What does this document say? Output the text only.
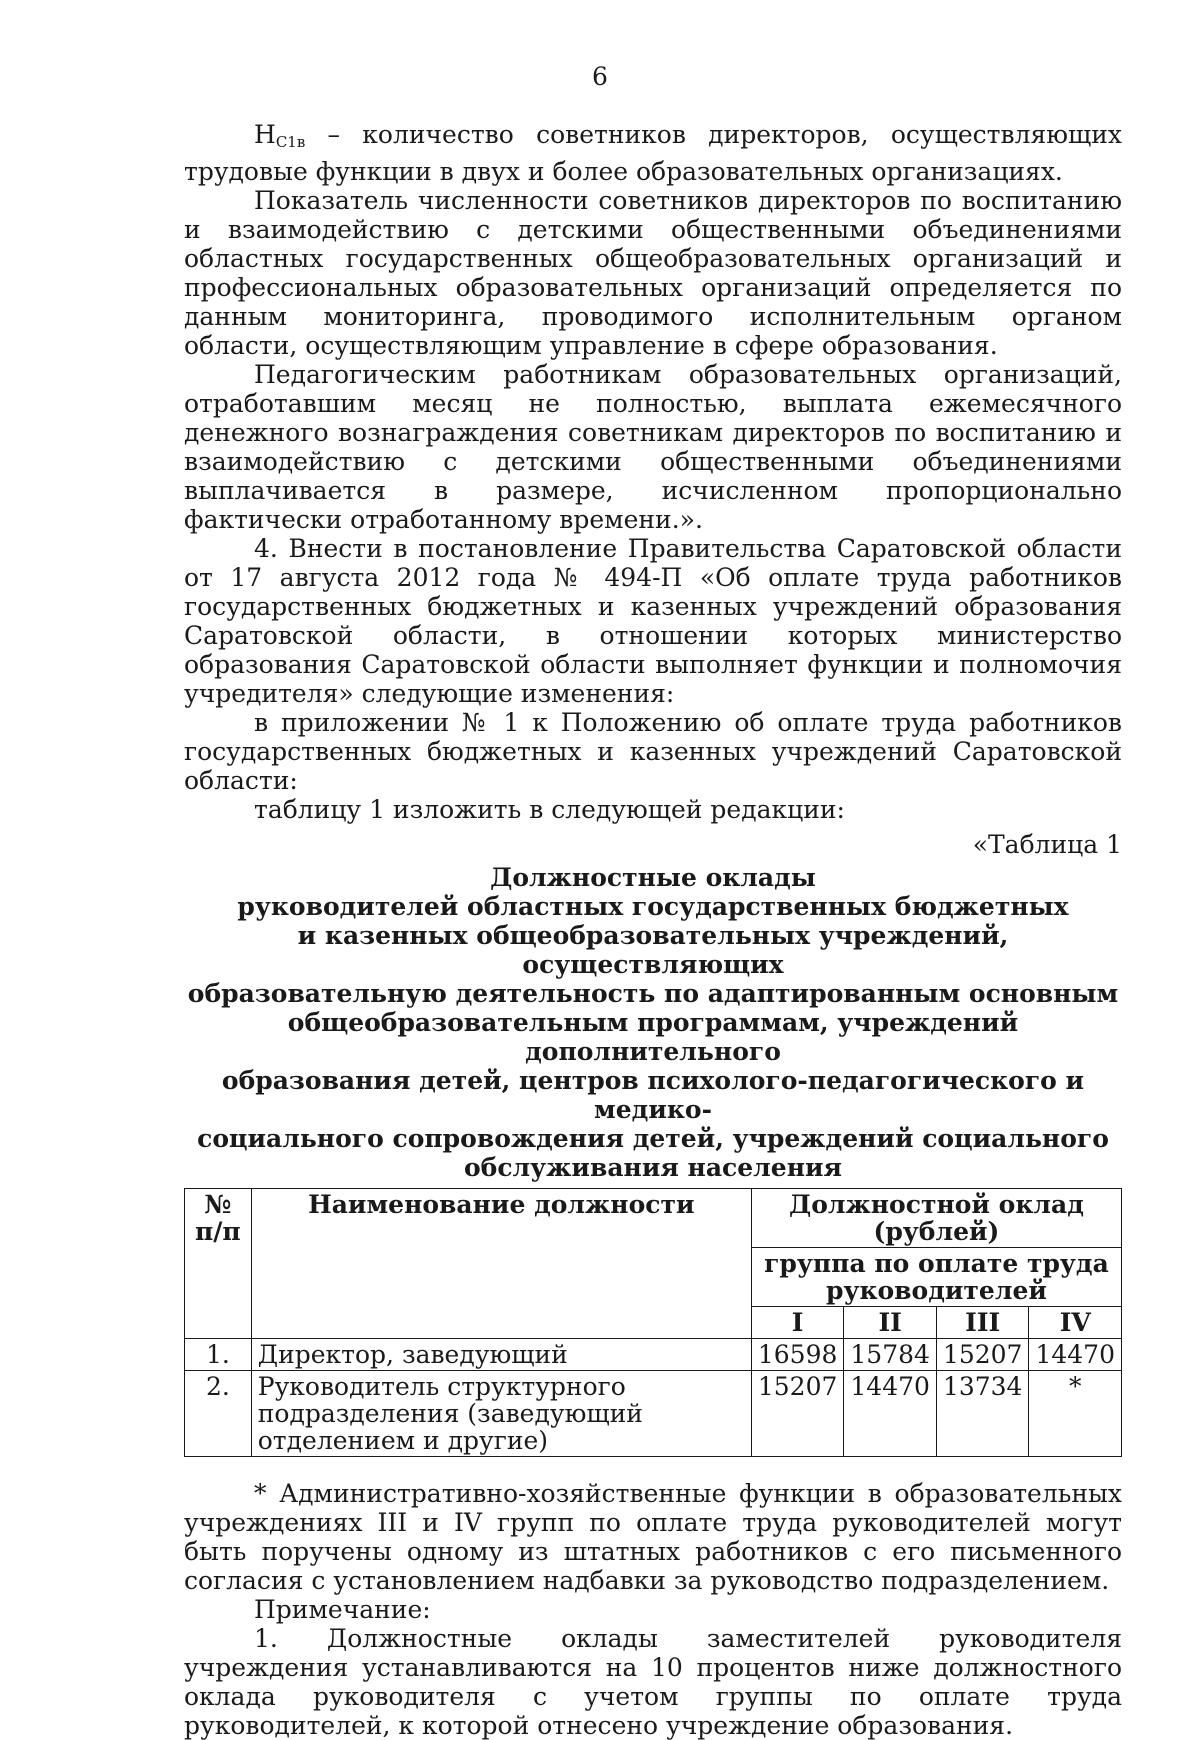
6

$Н_{С1в}$ – количество советников директоров, осуществляющих трудовые функции в двух и более образовательных организациях.

Показатель численности советников директоров по воспитанию и взаимодействию с детскими общественными объединениями областных государственных общеобразовательных организаций и профессиональных образовательных организаций определяется по данным мониторинга, проводимого исполнительным органом области, осуществляющим управление в сфере образования.

Педагогическим работникам образовательных организаций, отработавшим месяц не полностью, выплата ежемесячного денежного вознаграждения советникам директоров по воспитанию и взаимодействию с детскими общественными объединениями выплачивается в размере, исчисленном пропорционально фактически отработанному времени.».

4. Внести в постановление Правительства Саратовской области от 17 августа 2012 года № 494-П «Об оплате труда работников государственных бюджетных и казенных учреждений образования Саратовской области, в отношении которых министерство образования Саратовской области выполняет функции и полномочия учредителя» следующие изменения:

в приложении № 1 к Положению об оплате труда работников государственных бюджетных и казенных учреждений Саратовской области:

таблицу 1 изложить в следующей редакции:

«Таблица 1

Должностные оклады
руководителей областных государственных бюджетных
и казенных общеобразовательных учреждений, осуществляющих
образовательную деятельность по адаптированным основным
общеобразовательным программам, учреждений дополнительного
образования детей, центров психолого-педагогического и медико-
социального сопровождения детей, учреждений социального
обслуживания населения
№ п/п	Наименование должности	Должностной оклад (рублей)			
		группа по оплате труда руководителей			
		I	II	III	IV
1.	Директор, заведующий	16598	15784	15207	14470
2.	Руководитель структурного подразделения (заведующий отделением и другие)	15207	14470	13734	*

* Административно-хозяйственные функции в образовательных учреждениях III и IV групп по оплате труда руководителей могут быть поручены одному из штатных работников с его письменного согласия с установлением надбавки за руководство подразделением.

Примечание:

1. Должностные оклады заместителей руководителя учреждения устанавливаются на 10 процентов ниже должностного оклада руководителя с учетом группы по оплате труда руководителей, к которой отнесено учреждение образования.
